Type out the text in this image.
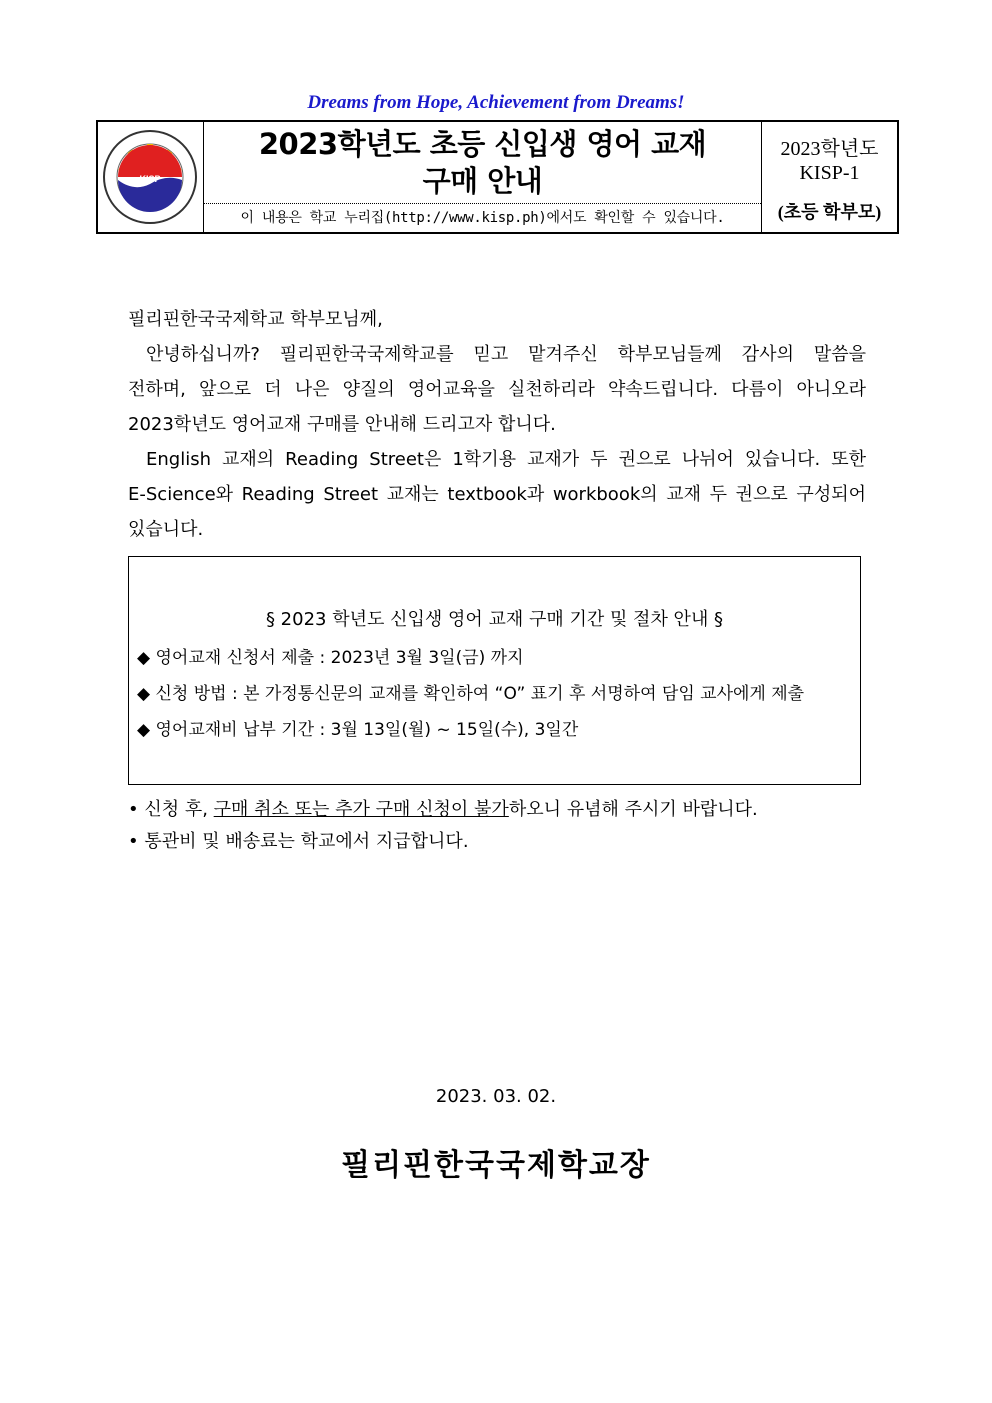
Dreams from Hope, Achievement from Dreams!
KISP
2023학년도 초등 신입생 영어 교재
구매 안내
이 내용은 학교 누리집(http://www.kisp.ph)에서도 확인할 수 있습니다.
2023학년도
KISP-1
(초등 학부모)
필리핀한국국제학교 학부모님께,
안녕하십니까? 필리핀한국국제학교를 믿고 맡겨주신 학부모님들께 감사의 말씀을
전하며, 앞으로 더 나은 양질의 영어교육을 실천하리라 약속드립니다. 다름이 아니오라
2023학년도 영어교재 구매를 안내해 드리고자 합니다.
English 교재의 Reading Street은 1학기용 교재가 두 권으로 나뉘어 있습니다. 또한
E-Science와 Reading Street 교재는 textbook과 workbook의 교재 두 권으로 구성되어
있습니다.
§ 2023 학년도 신입생 영어 교재 구매 기간 및 절차 안내 §
◆ 영어교재 신청서 제출 : 2023년 3월 3일(금) 까지
◆ 신청 방법 : 본 가정통신문의 교재를 확인하여 “O” 표기 후 서명하여 담임 교사에게 제출
◆ 영어교재비 납부 기간 : 3월 13일(월) ~ 15일(수), 3일간
• 신청 후, 구매 취소 또는 추가 구매 신청이 불가하오니 유념해 주시기 바랍니다.
• 통관비 및 배송료는 학교에서 지급합니다.
2023. 03. 02.
필리핀한국국제학교장
